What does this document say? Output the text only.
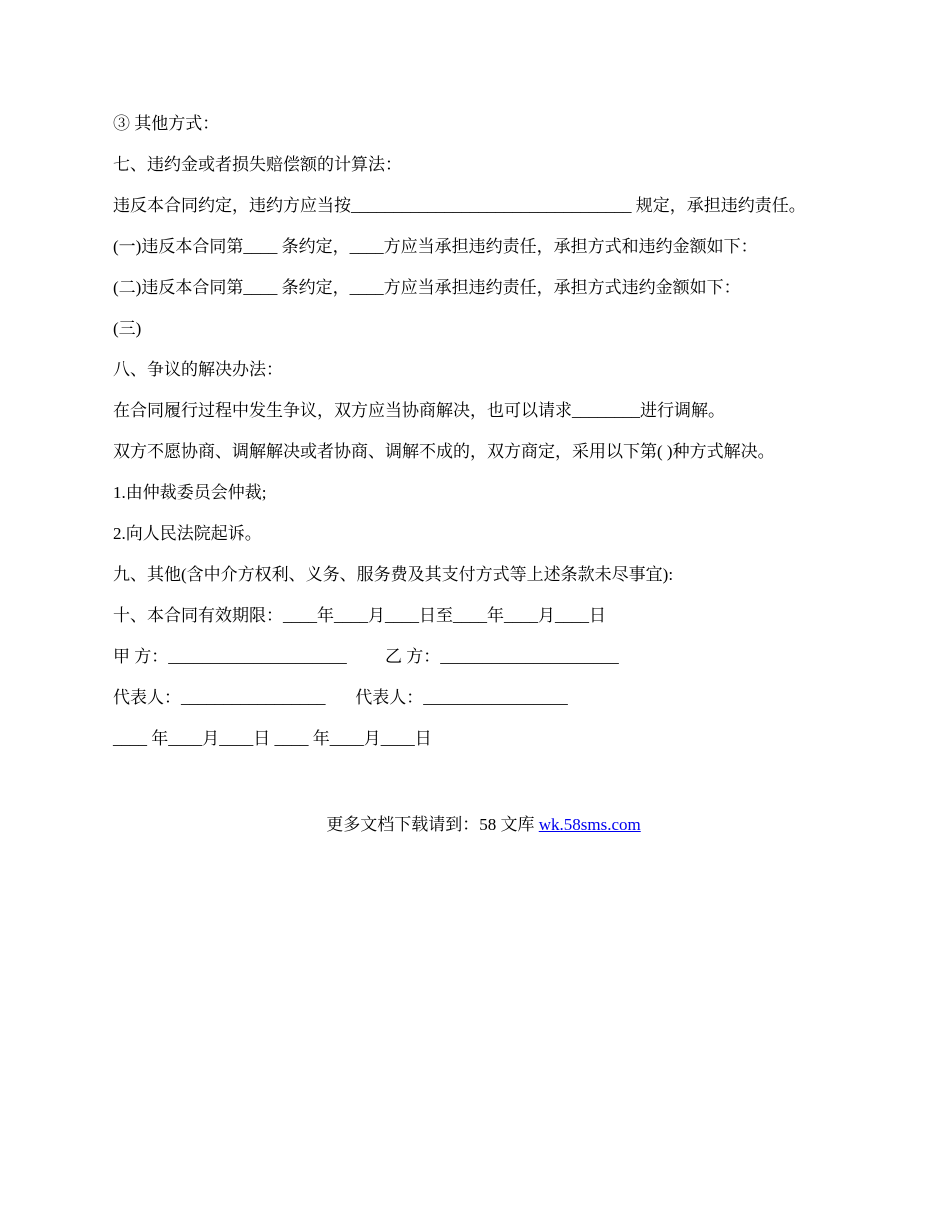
③ 其他方式：

七、违约金或者损失赔偿额的计算法：

违反本合同约定，违约方应当按_________________________________ 规定，承担违约责任。

(一)违反本合同第____ 条约定，____方应当承担违约责任，承担方式和违约金额如下：

(二)违反本合同第____ 条约定，____方应当承担违约责任，承担方式违约金额如下：

(三)

八、争议的解决办法：

在合同履行过程中发生争议，双方应当协商解决，也可以请求________进行调解。

双方不愿协商、调解解决或者协商、调解不成的，双方商定，采用以下第( )种方式解决。

1.由仲裁委员会仲裁;

2.向人民法院起诉。

九、其他(含中介方权利、义务、服务费及其支付方式等上述条款未尽事宜):

十、本合同有效期限：____年____月____日至____年____月____日

甲 方：_____________________         乙 方：_____________________

代表人：_________________       代表人：_________________

____ 年____月____日 ____ 年____月____日

更多文档下载请到：58 文库 wk.58sms.com
